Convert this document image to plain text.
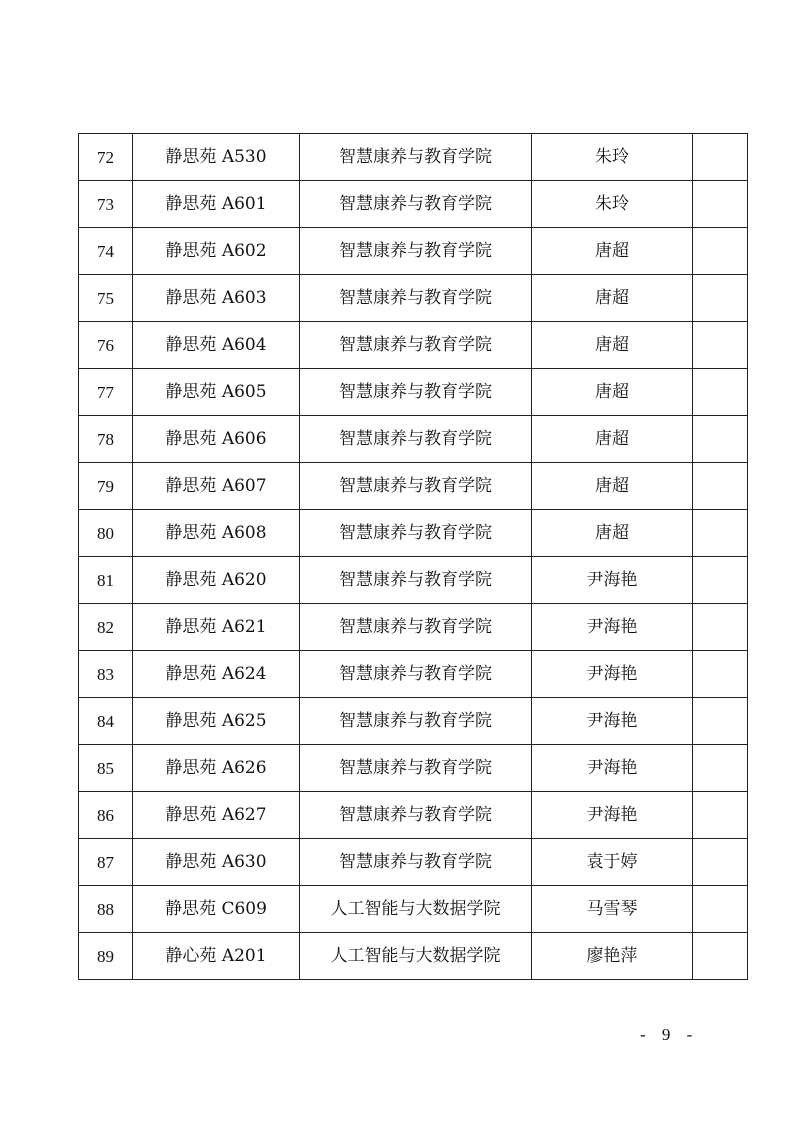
72	静思苑 A530	智慧康养与教育学院	朱玲	
73	静思苑 A601	智慧康养与教育学院	朱玲	
74	静思苑 A602	智慧康养与教育学院	唐超	
75	静思苑 A603	智慧康养与教育学院	唐超	
76	静思苑 A604	智慧康养与教育学院	唐超	
77	静思苑 A605	智慧康养与教育学院	唐超	
78	静思苑 A606	智慧康养与教育学院	唐超	
79	静思苑 A607	智慧康养与教育学院	唐超	
80	静思苑 A608	智慧康养与教育学院	唐超	
81	静思苑 A620	智慧康养与教育学院	尹海艳	
82	静思苑 A621	智慧康养与教育学院	尹海艳	
83	静思苑 A624	智慧康养与教育学院	尹海艳	
84	静思苑 A625	智慧康养与教育学院	尹海艳	
85	静思苑 A626	智慧康养与教育学院	尹海艳	
86	静思苑 A627	智慧康养与教育学院	尹海艳	
87	静思苑 A630	智慧康养与教育学院	袁于婷	
88	静思苑 C609	人工智能与大数据学院	马雪琴	
89	静心苑 A201	人工智能与大数据学院	廖艳萍	
- 9 -
